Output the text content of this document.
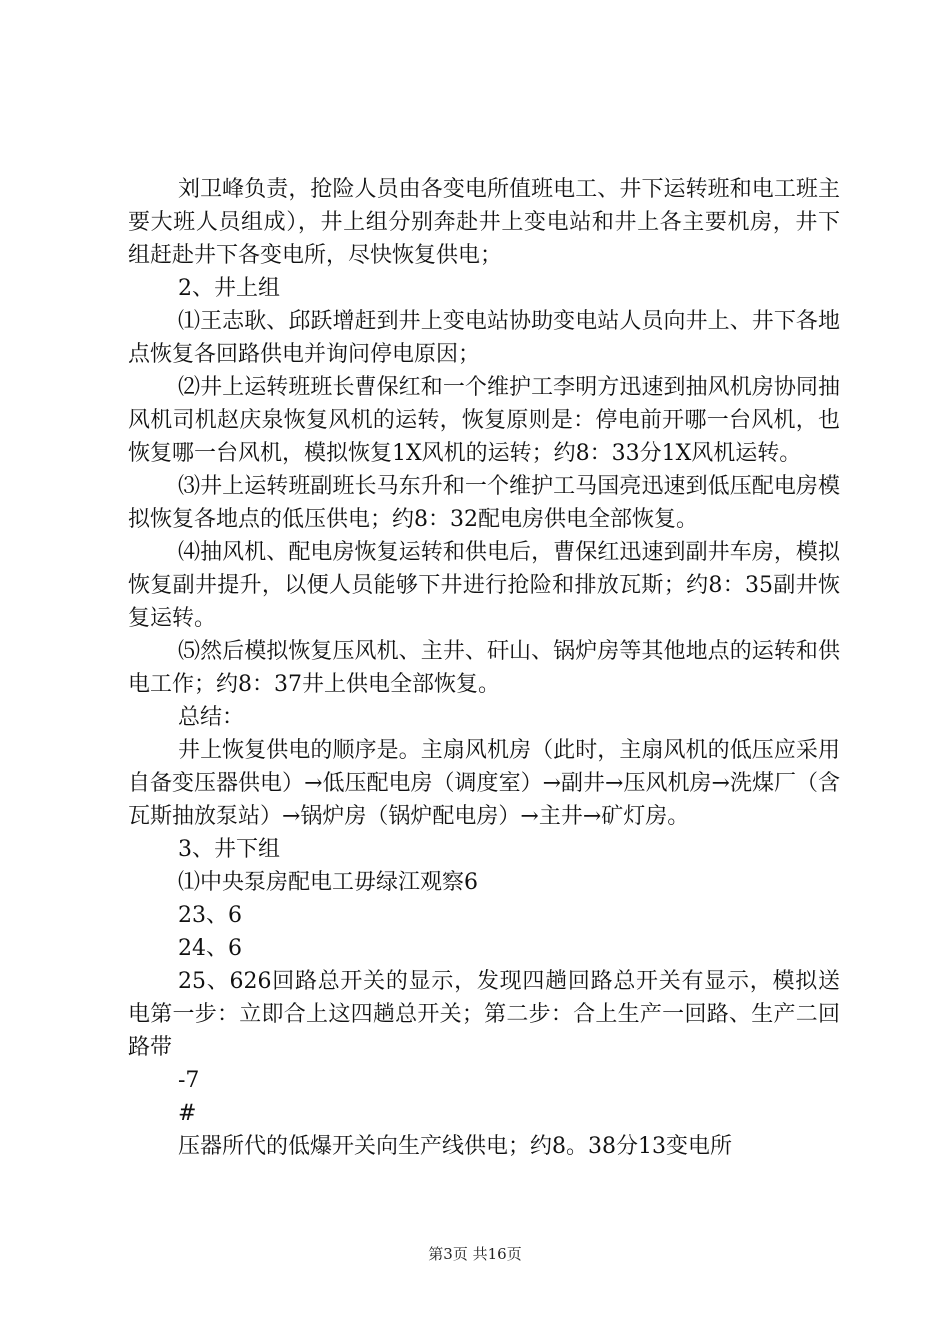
刘卫峰负责，抢险人员由各变电所值班电工、井下运转班和电工班主要大班人员组成），井上组分别奔赴井上变电站和井上各主要机房，井下组赶赴井下各变电所，尽快恢复供电；

2、井上组

⑴王志耿、邱跃增赶到井上变电站协助变电站人员向井上、井下各地点恢复各回路供电并询问停电原因；

⑵井上运转班班长曹保红和一个维护工李明方迅速到抽风机房协同抽风机司机赵庆泉恢复风机的运转，恢复原则是：停电前开哪一台风机，也恢复哪一台风机，模拟恢复1X风机的运转；约8：33分1X风机运转。

⑶井上运转班副班长马东升和一个维护工马国亮迅速到低压配电房模拟恢复各地点的低压供电；约8：32配电房供电全部恢复。

⑷抽风机、配电房恢复运转和供电后，曹保红迅速到副井车房，模拟恢复副井提升，以便人员能够下井进行抢险和排放瓦斯；约8：35副井恢复运转。

⑸然后模拟恢复压风机、主井、矸山、锅炉房等其他地点的运转和供电工作；约8：37井上供电全部恢复。

总结：

井上恢复供电的顺序是。主扇风机房（此时，主扇风机的低压应采用自备变压器供电）→低压配电房（调度室）→副井→压风机房→洗煤厂（含瓦斯抽放泵站）→锅炉房（锅炉配电房）→主井→矿灯房。

3、井下组

⑴中央泵房配电工毋绿江观察6

23、6

24、6

25、626回路总开关的显示，发现四趟回路总开关有显示，模拟送电第一步：立即合上这四趟总开关；第二步：合上生产一回路、生产二回路带

-7

#

压器所代的低爆开关向生产线供电；约8。38分13变电所

第3页 共16页
